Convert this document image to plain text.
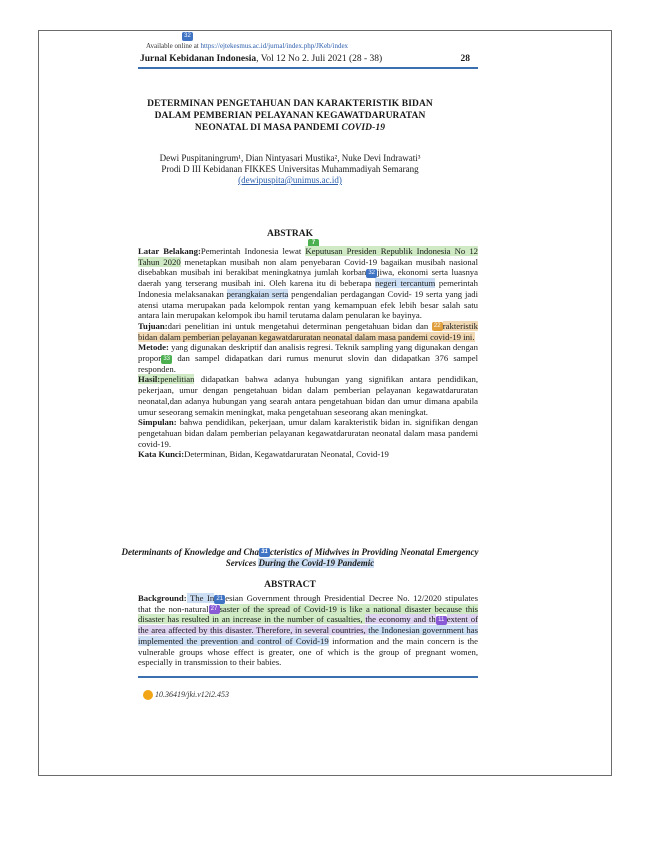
32
Available online at https://ejtekesmus.ac.id/jurnal/index.php/JKeb/index
Jurnal Kebidanan Indonesia, Vol 12 No 2. Juli 2021 (28 - 38)	28
DETERMINAN PENGETAHUAN DAN KARAKTERISTIK BIDAN
DALAM PEMBERIAN PELAYANAN KEGAWATDARURATAN
NEONATAL DI MASA PANDEMI COVID-19
Dewi Puspitaningrum¹, Dian Nintyasari Mustika², Nuke Devi Indrawati³
Prodi D III Kebidanan FIKKES Universitas Muhammadiyah Semarang
(dewipuspita@unimus.ac.id)
ABSTRAK
7

Latar Belakang:Pemerintah Indonesia lewat Keputusan Presiden Republik Indonesia No 12 Tahun 2020 menetapkan musibah non alam penyebaran Covid-19 bagaikan musibah nasional disebabkan musibah ini berakibat meningkatnya jumlah korban 32 jiwa, ekonomi serta luasnya daerah yang terserang musibah ini. Oleh karena itu di beberapa negeri tercantum pemerintah Indonesia melaksanakan perangkaian serta pengendalian perdagangan Covid- 19 serta yang jadi atensi utama merupakan pada kelompok rentan yang kemampuan efek lebih besar salah satu antara lain merupakan kelompok ibu hamil terutama dalam penularan ke bayinya.

Tujuan:dari penelitian ini untuk mengetahui determinan pengetahuan bidan dan 22 rakteristik bidan dalam pemberian pelayanan kegawatdaruratan neonatal dalam masa pandemi covid-19 ini.

Metode: yang digunakan deskriptif dan analisis regresi. Teknik sampling yang digunakan dengan propor 33 dan sampel didapatkan dari rumus menurut slovin dan didapatkan 376 sampel responden.

Hasil:penelitian didapatkan bahwa adanya hubungan yang signifikan antara pendidikan, pekerjaan, umur dengan pengetahuan bidan dalam pemberian pelayanan kegawatdaruratan neonatal,dan adanya hubungan yang searah antara pengetahuan bidan dan umur dimana apabila umur seseorang semakin meningkat, maka pengetahuan seseorang akan meningkat.

Simpulan: bahwa pendidikan, pekerjaan, umur dalam karakteristik bidan in. signifikan dengan pengetahuan bidan dalam pemberian pelayanan kegawatdaruratan neonatal dalam masa pandemi covid-19.

Kata Kunci:Determinan, Bidan, Kegawatdaruratan Neonatal, Covid-19

Determinants of Knowledge and Cha 31 cteristics of Midwives in Providing Neonatal Emergency Services During the Covid-19 Pandemic
ABSTRACT

Background: The In 21 esian Government through Presidential Decree No. 12/2020 stipulates that the non-natural 27 saster of the spread of Covid-19 is like a national disaster because this disaster has resulted in an increase in the number of casualties, the economy and th 11 extent of the area affected by this disaster. Therefore, in several countries, the Indonesian government has implemented the prevention and control of Covid-19 information and the main concern is the vulnerable groups whose effect is greater, one of which is the group of pregnant women, especially in transmission to their babies.

10.36419/jki.v12i2.453
